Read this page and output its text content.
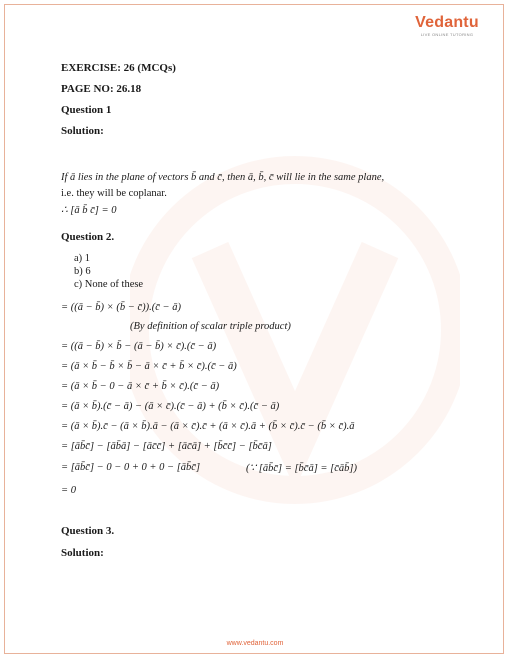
Vedantu
LIVE ONLINE TUTORING
EXERCISE: 26 (MCQs)
PAGE NO: 26.18
Question 1
Solution:
If ā lies in the plane of vectors b̄ and c̄, then ā, b̄, c̄ will lie in the same plane,
i.e. they will be coplanar.
∴ [ā b̄ c̄] = 0
Question 2.
a) 1
b) 6
c) None of these
= ((ā − b̄) × (b̄ − c̄)).(c̄ − ā)
(By definition of scalar triple product)
= ((ā − b̄) × b̄ − (ā − b̄) × c̄).(c̄ − ā)
= (ā × b̄ − b̄ × b̄ − ā × c̄ + b̄ × c̄).(c̄ − ā)
= (ā × b̄ − 0 − ā × c̄ + b̄ × c̄).(c̄ − ā)
= (ā × b̄).(c̄ − ā) − (ā × c̄).(c̄ − ā) + (b̄ × c̄).(c̄ − ā)
= (ā × b̄).c̄ − (ā × b̄).ā − (ā × c̄).c̄ + (ā × c̄).ā + (b̄ × c̄).c̄ − (b̄ × c̄).ā
= [āb̄c̄] − [āb̄ā] − [āc̄c̄] + [āc̄ā] + [b̄c̄c̄] − [b̄c̄ā]
= [āb̄c̄] − 0 − 0 + 0 + 0 − [āb̄c̄]	(∵ [āb̄c̄] = [b̄c̄ā] = [c̄āb̄])
= 0
Question 3.
Solution:
www.vedantu.com
